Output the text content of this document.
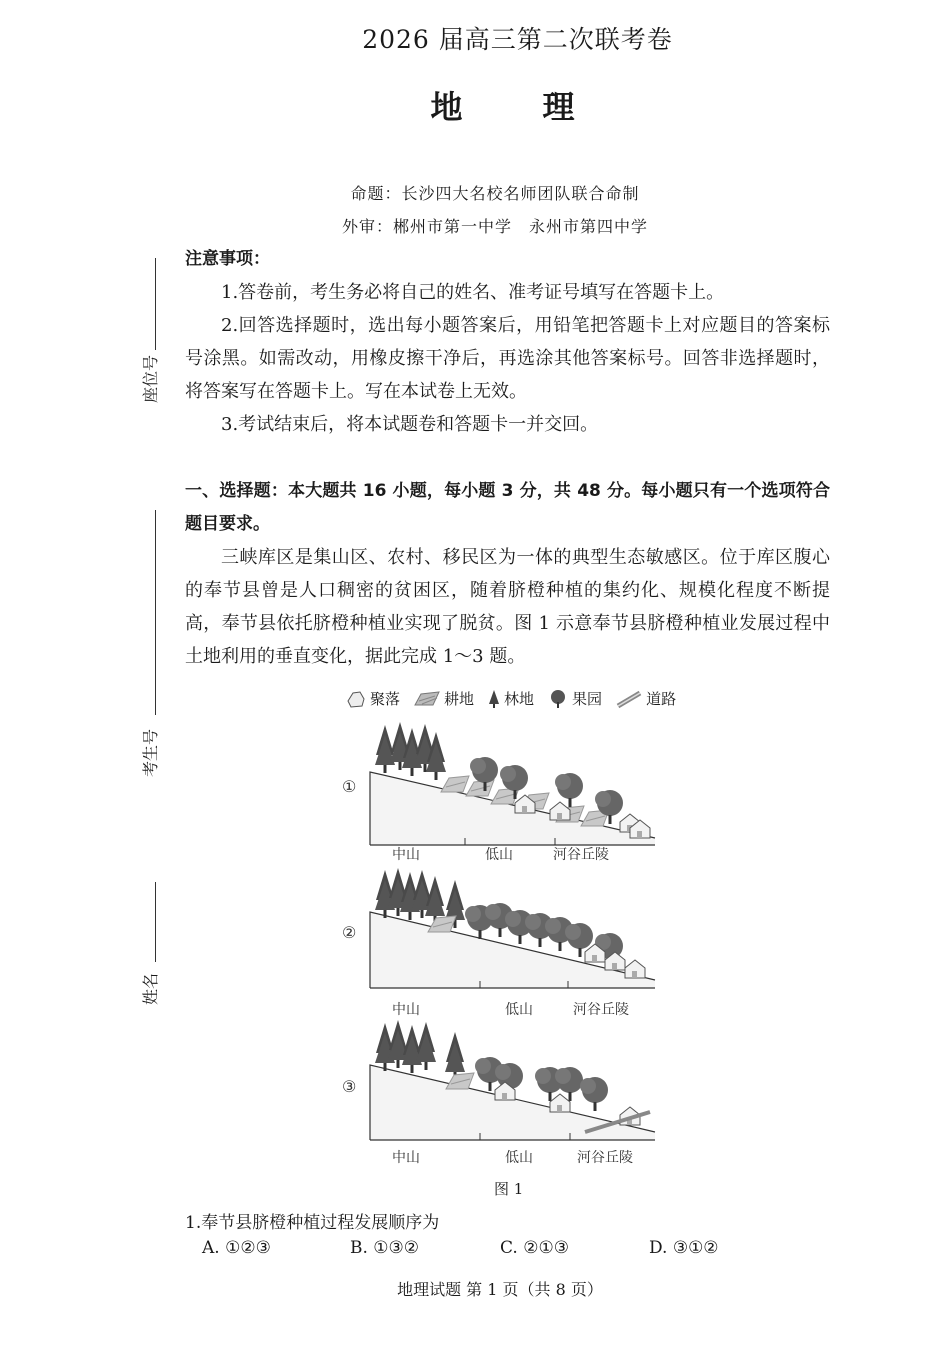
2026 届高三第二次联考卷
地	理
命题：长沙四大名校名师团队联合命制
外审：郴州市第一中学　永州市第四中学
座位号
考生号
姓名
注意事项：
1.答卷前，考生务必将自己的姓名、准考证号填写在答题卡上。
2.回答选择题时，选出每小题答案后，用铅笔把答题卡上对应题目的答案标号涂黑。如需改动，用橡皮擦干净后，再选涂其他答案标号。回答非选择题时，将答案写在答题卡上。写在本试卷上无效。
3.考试结束后，将本试题卷和答题卡一并交回。
一、选择题：本大题共 16 小题，每小题 3 分，共 48 分。每小题只有一个选项符合题目要求。
三峡库区是集山区、农村、移民区为一体的典型生态敏感区。位于库区腹心的奉节县曾是人口稠密的贫困区，随着脐橙种植的集约化、规模化程度不断提高，奉节县依托脐橙种植业实现了脱贫。图 1 示意奉节县脐橙种植业发展过程中土地利用的垂直变化，据此完成 1～3 题。
聚落	耕地 林地	果园	道路
①
中山	低山	河谷丘陵
②
中山	低山	河谷丘陵
③
中山	低山	河谷丘陵
图 1
1.奉节县脐橙种植过程发展顺序为
A. ①②③	B. ①③②	C. ②①③	D. ③①②
地理试题 第 1 页（共 8 页）
